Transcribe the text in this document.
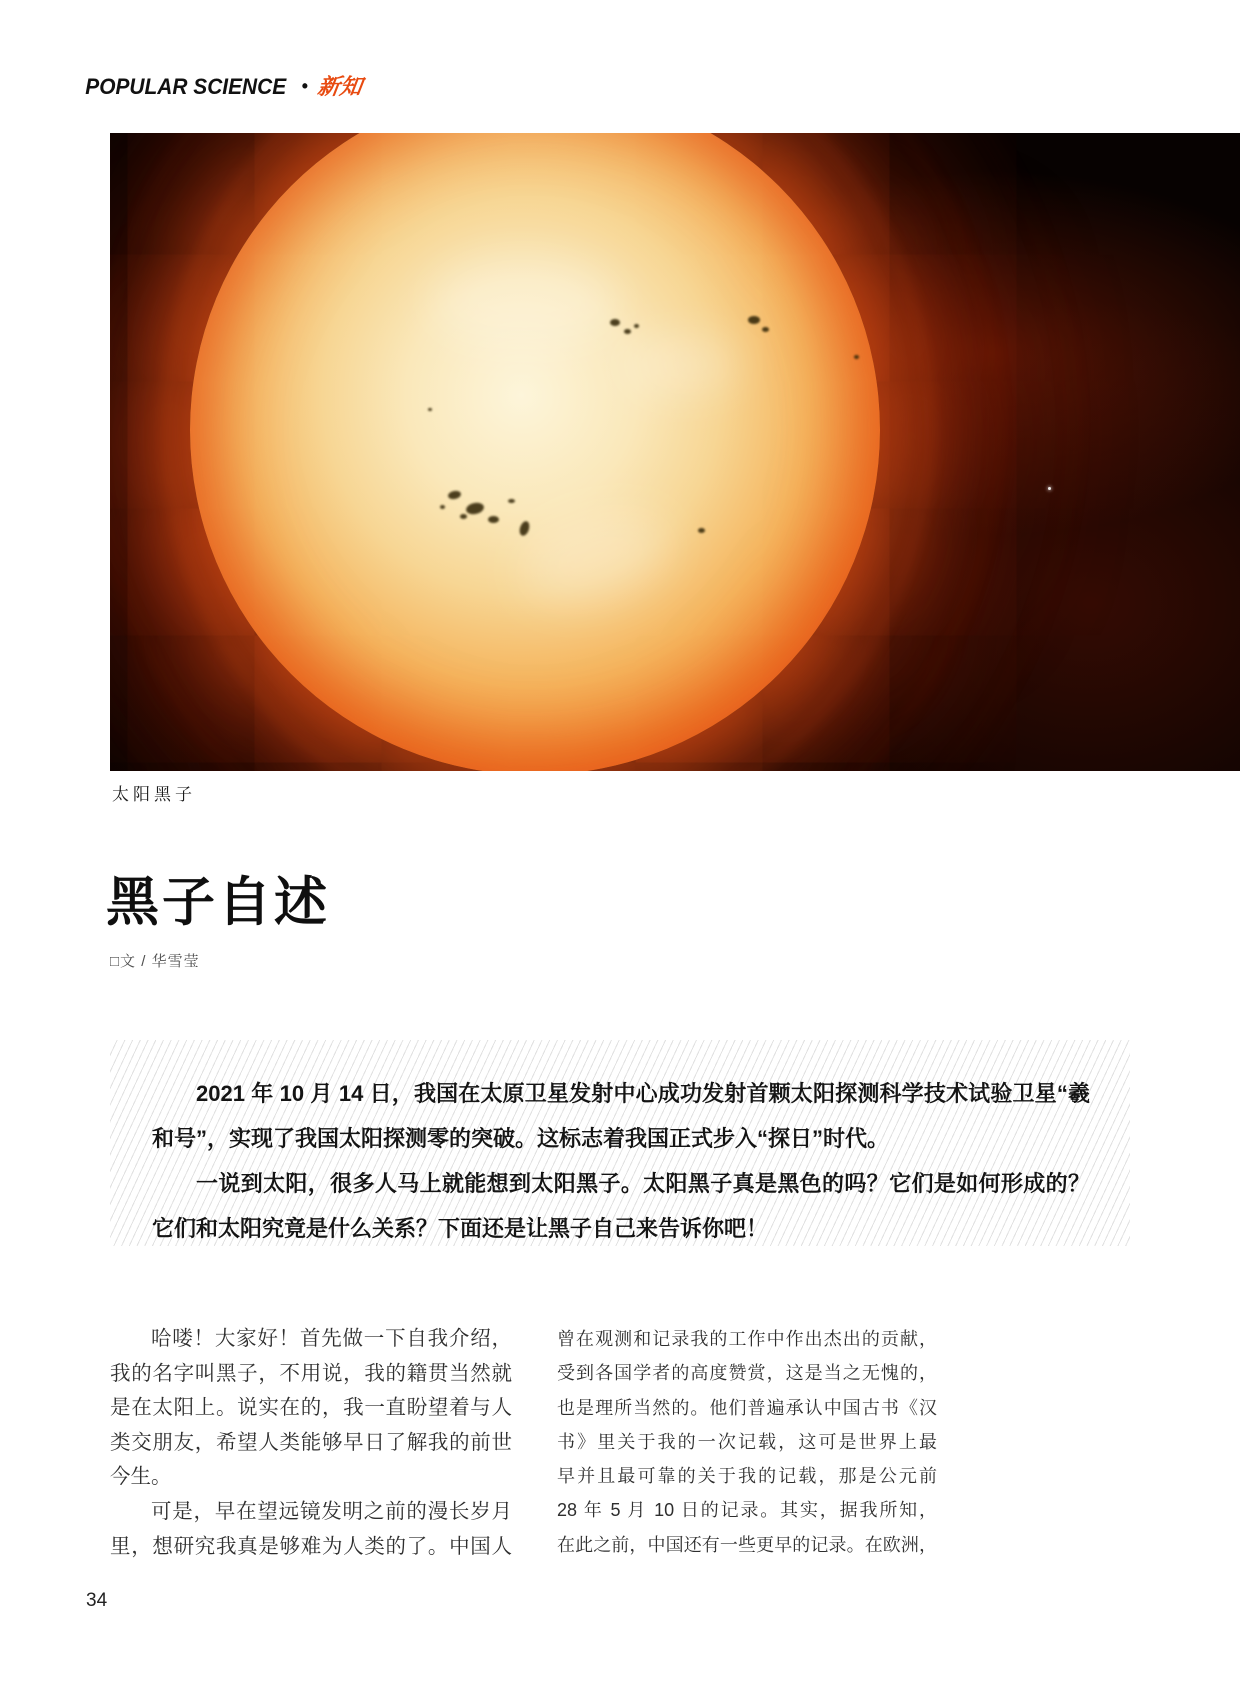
POPULAR SCIENCE • 新知
太阳黑子
黑子自述
□文 / 华雪莹
2021 年 10 月 14 日，我国在太原卫星发射中心成功发射首颗太阳探测科学技术试验卫星“羲
和号”，实现了我国太阳探测零的突破。这标志着我国正式步入“探日”时代。
一说到太阳，很多人马上就能想到太阳黑子。太阳黑子真是黑色的吗？它们是如何形成的？
它们和太阳究竟是什么关系？下面还是让黑子自己来告诉你吧！
哈喽！大家好！首先做一下自我介绍，
我的名字叫黑子，不用说，我的籍贯当然就
是在太阳上。说实在的，我一直盼望着与人
类交朋友，希望人类能够早日了解我的前世
今生。
可是，早在望远镜发明之前的漫长岁月
里，想研究我真是够难为人类的了。中国人
曾在观测和记录我的工作中作出杰出的贡献，
受到各国学者的高度赞赏，这是当之无愧的，
也是理所当然的。他们普遍承认中国古书《汉
书》里关于我的一次记载，这可是世界上最
早并且最可靠的关于我的记载，那是公元前
28 年 5 月 10 日的记录。其实，据我所知，
在此之前，中国还有一些更早的记录。在欧洲，
34
